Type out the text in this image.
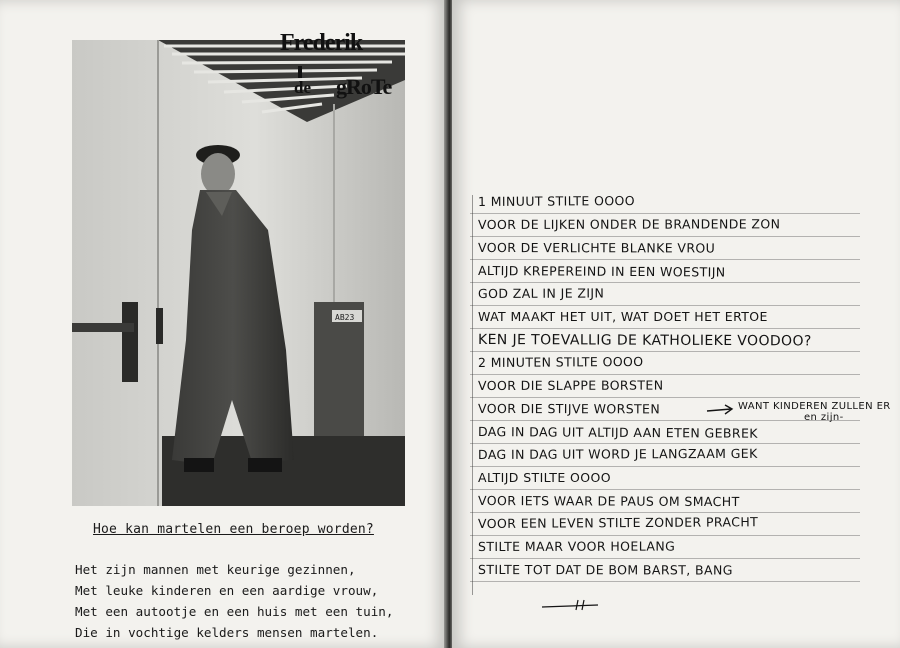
AB23
Hoe kan martelen een beroep worden?
Het zijn mannen met keurige gezinnen,
Met leuke kinderen en een aardige vrouw,
Met een autootje en een huis met een tuin,
Die in vochtige kelders mensen martelen.
Frederik
de gRoTe
1 MINUUT STILTE OOOO
VOOR DE LIJKEN ONDER DE BRANDENDE ZON
VOOR DE VERLICHTE BLANKE VROU
ALTIJD KREPEREIND IN EEN WOESTIJN
GOD ZAL IN JE ZIJN
WAT MAAKT HET UIT, WAT DOET HET ERTOE
KEN JE TOEVALLIG DE KATHOLIEKE VOODOO?
2 MINUTEN STILTE OOOO
VOOR DIE SLAPPE BORSTEN
VOOR DIE STIJVE WORSTEN
DAG IN DAG UIT ALTIJD AAN ETEN GEBREK
DAG IN DAG UIT WORD JE LANGZAAM GEK
ALTIJD STILTE OOOO
VOOR IETS WAAR DE PAUS OM SMACHT
VOOR EEN LEVEN STILTE ZONDER PRACHT
STILTE MAAR VOOR HOELANG
STILTE TOT DAT DE BOM BARST, BANG
WANT KINDEREN ZULLEN ER
en zijn-
